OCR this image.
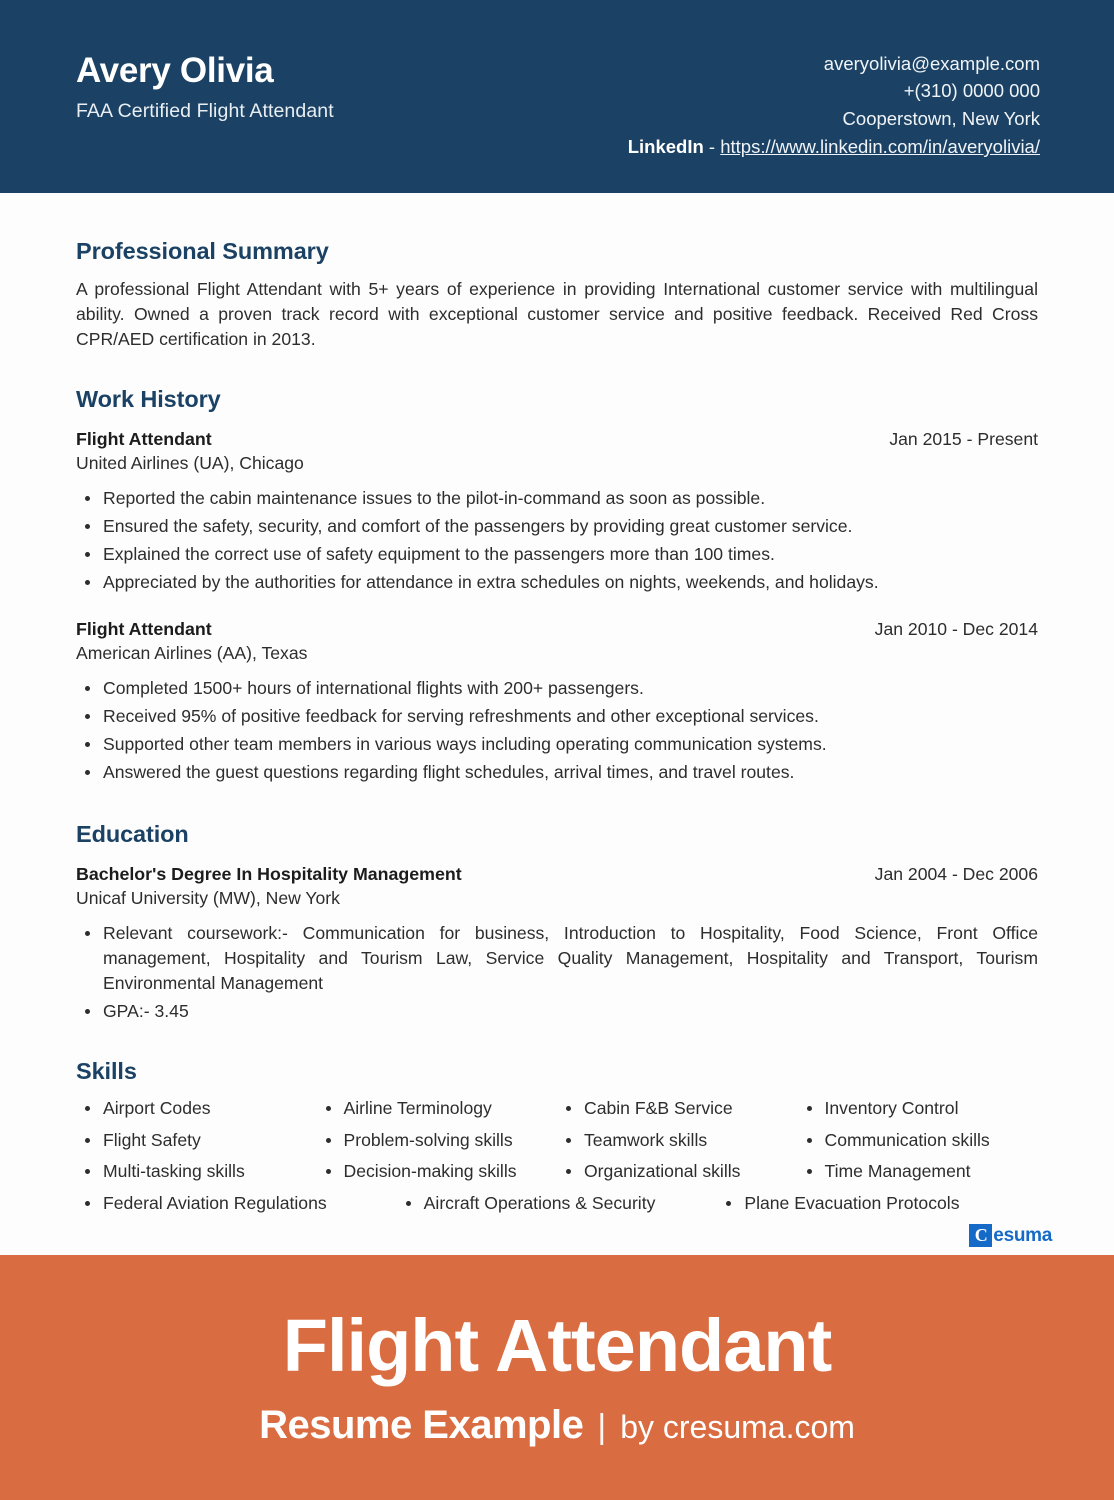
Avery Olivia
FAA Certified Flight Attendant
averyolivia@example.com
+(310) 0000 000
Cooperstown, New York
LinkedIn - https://www.linkedin.com/in/averyolivia/
Professional Summary
A professional Flight Attendant with 5+ years of experience in providing International customer service with multilingual ability. Owned a proven track record with exceptional customer service and positive feedback. Received Red Cross CPR/AED certification in 2013.
Work History
Flight Attendant	Jan 2015 - Present
United Airlines (UA), Chicago
Reported the cabin maintenance issues to the pilot-in-command as soon as possible.
Ensured the safety, security, and comfort of the passengers by providing great customer service.
Explained the correct use of safety equipment to the passengers more than 100 times.
Appreciated by the authorities for attendance in extra schedules on nights, weekends, and holidays.
Flight Attendant	Jan 2010 - Dec 2014
American Airlines (AA), Texas
Completed 1500+ hours of international flights with 200+ passengers.
Received 95% of positive feedback for serving refreshments and other exceptional services.
Supported other team members in various ways including operating communication systems.
Answered the guest questions regarding flight schedules, arrival times, and travel routes.
Education
Bachelor's Degree In Hospitality Management	Jan 2004 - Dec 2006
Unicaf University (MW), New York
Relevant coursework:- Communication for business, Introduction to Hospitality, Food Science, Front Office management, Hospitality and Tourism Law, Service Quality Management, Hospitality and Transport, Tourism Environmental Management
GPA:- 3.45
Skills
Airport Codes	Airline Terminology	Cabin F&B Service	Inventory Control
Flight Safety	Problem-solving skills	Teamwork skills	Communication skills
Multi-tasking skills	Decision-making skills	Organizational skills	Time Management
Federal Aviation Regulations	Aircraft Operations & Security	Plane Evacuation Protocols
C esuma
Flight Attendant
Resume Example | by cresuma.com
